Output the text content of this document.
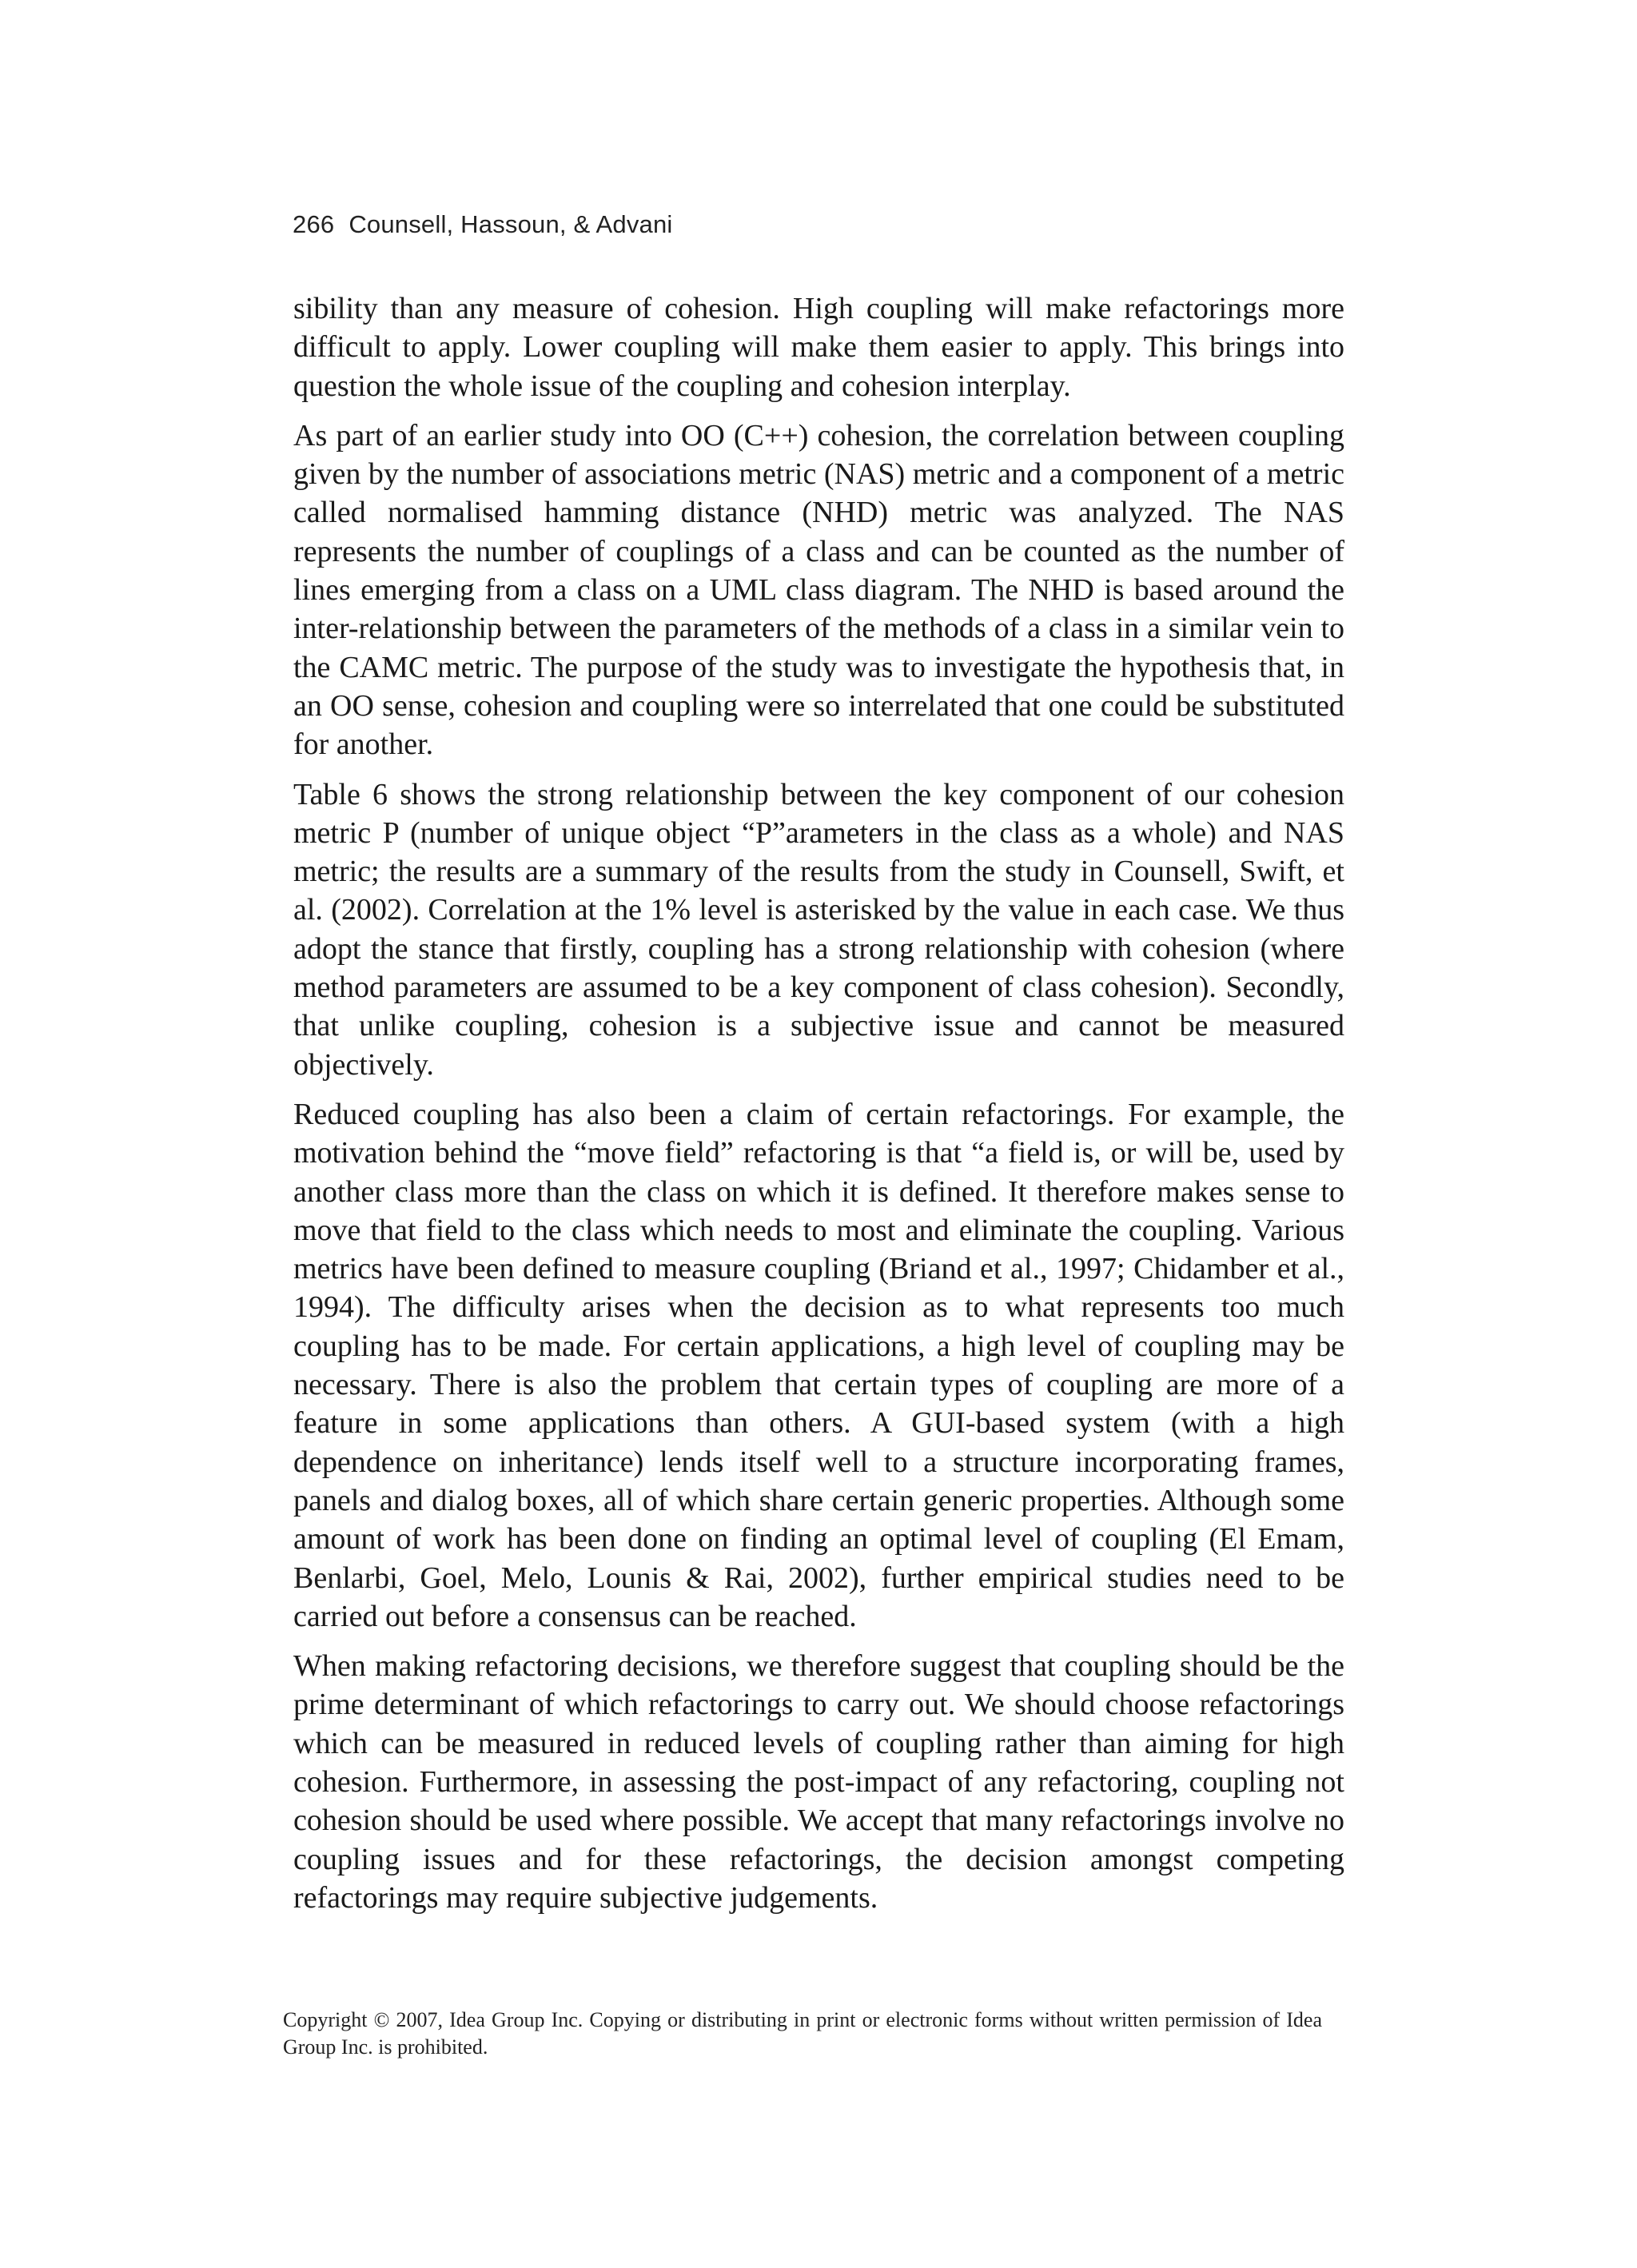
266 Counsell, Hassoun, & Advani

sibility than any measure of cohesion. High coupling will make refactorings more difficult to apply. Lower coupling will make them easier to apply. This brings into question the whole issue of the coupling and cohesion interplay.

As part of an earlier study into OO (C++) cohesion, the correlation between coupling given by the number of associations metric (NAS) metric and a component of a metric called normalised hamming distance (NHD) metric was analyzed. The NAS represents the number of couplings of a class and can be counted as the number of lines emerging from a class on a UML class diagram. The NHD is based around the inter-relationship between the parameters of the methods of a class in a similar vein to the CAMC metric. The purpose of the study was to investigate the hypothesis that, in an OO sense, cohesion and coupling were so interrelated that one could be substituted for another.

Table 6 shows the strong relationship between the key component of our cohesion metric P (number of unique object “P”arameters in the class as a whole) and NAS metric; the results are a summary of the results from the study in Counsell, Swift, et al. (2002). Correlation at the 1% level is asterisked by the value in each case. We thus adopt the stance that firstly, coupling has a strong relationship with cohesion (where method parameters are assumed to be a key component of class cohesion). Secondly, that unlike coupling, cohesion is a subjective issue and cannot be measured objectively.

Reduced coupling has also been a claim of certain refactorings. For example, the motivation behind the “move field” refactoring is that “a field is, or will be, used by another class more than the class on which it is defined. It therefore makes sense to move that field to the class which needs to most and eliminate the coupling. Various metrics have been defined to measure coupling (Briand et al., 1997; Chidamber et al., 1994). The difficulty arises when the decision as to what represents too much coupling has to be made. For certain applications, a high level of coupling may be necessary. There is also the problem that certain types of coupling are more of a feature in some applications than others. A GUI-based system (with a high dependence on inheritance) lends itself well to a structure incorporating frames, panels and dialog boxes, all of which share certain generic properties. Although some amount of work has been done on finding an optimal level of coupling (El Emam, Benlarbi, Goel, Melo, Lounis & Rai, 2002), further empirical studies need to be carried out before a consensus can be reached.

When making refactoring decisions, we therefore suggest that coupling should be the prime determinant of which refactorings to carry out. We should choose refactorings which can be measured in reduced levels of coupling rather than aiming for high cohesion. Furthermore, in assessing the post-impact of any refactoring, coupling not cohesion should be used where possible. We accept that many refactorings involve no coupling issues and for these refactorings, the decision amongst competing refactorings may require subjective judgements.

Copyright © 2007, Idea Group Inc. Copying or distributing in print or electronic forms without written permission of Idea Group Inc. is prohibited.
